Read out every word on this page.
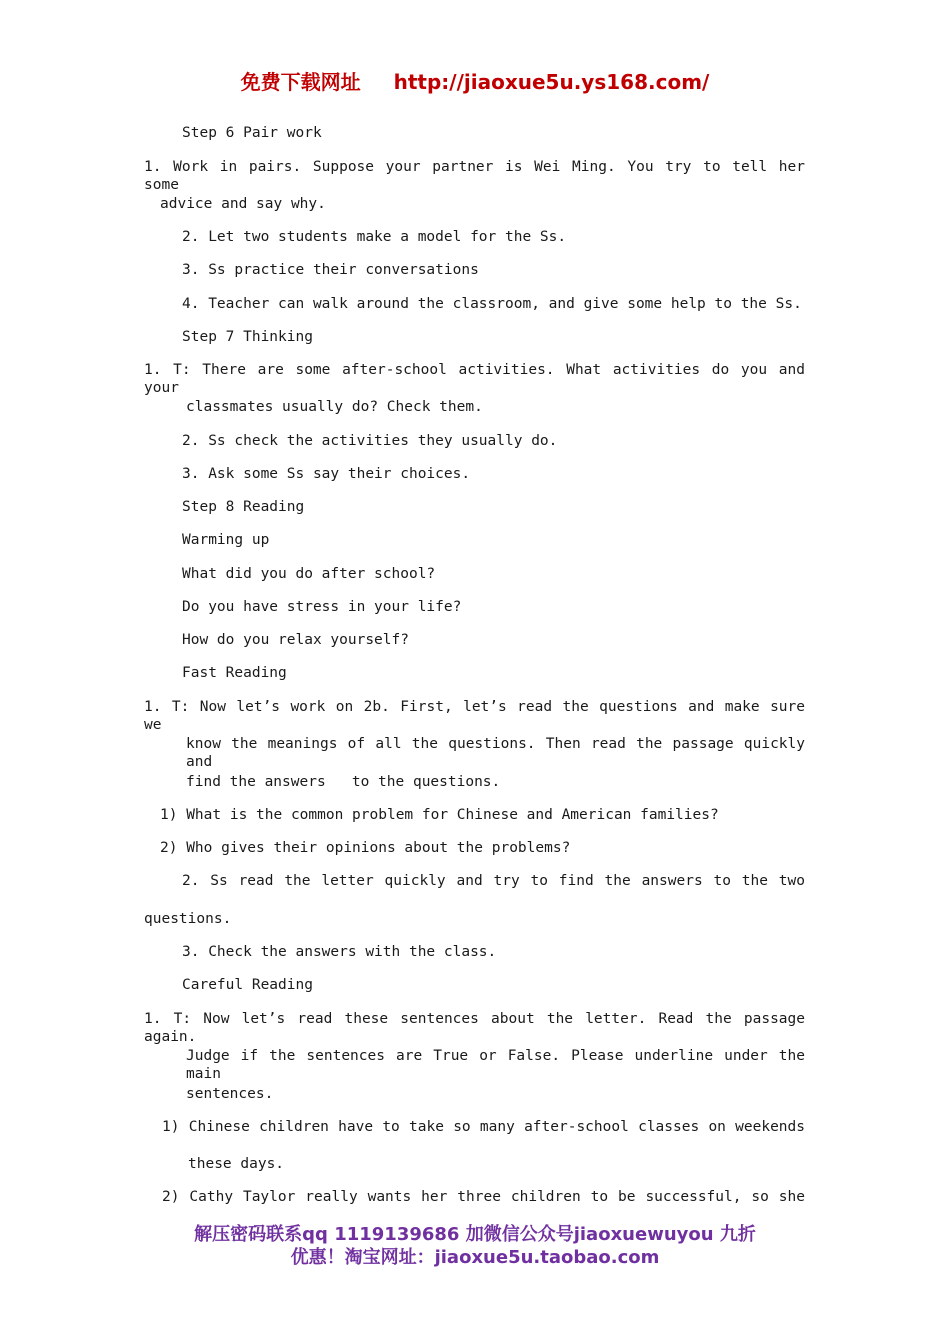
免费下载网址 http://jiaoxue5u.ys168.com/
Step 6 Pair work
1. Work in pairs. Suppose your partner is Wei Ming. You try to tell her some
advice and say why.
2. Let two students make a model for the Ss.
3. Ss practice their conversations
4. Teacher can walk around the classroom, and give some help to the Ss.
Step 7 Thinking
1. T: There are some after-school activities. What activities do you and your
classmates usually do? Check them.
2. Ss check the activities they usually do.
3. Ask some Ss say their choices.
Step 8 Reading
Warming up
What did you do after school?
Do you have stress in your life?
How do you relax yourself?
Fast Reading
1. T: Now let’s work on 2b. First, let’s read the questions and make sure we
know the meanings of all the questions. Then read the passage quickly and
find the answers   to the questions.
1) What is the common problem for Chinese and American families?
2) Who gives their opinions about the problems?
2. Ss read the letter quickly and try to find the answers to the two
questions.
3. Check the answers with the class.
Careful Reading
1. T: Now let’s read these sentences about the letter. Read the passage again.
Judge if the sentences are True or False. Please underline under the main
sentences.
1) Chinese children have to take so many after-school classes on weekends
these days.
2) Cathy Taylor really wants her three children to be successful, so she
解压密码联系qq 1119139686 加微信公众号jiaoxuewuyou 九折
优惠！淘宝网址：jiaoxue5u.taobao.com
